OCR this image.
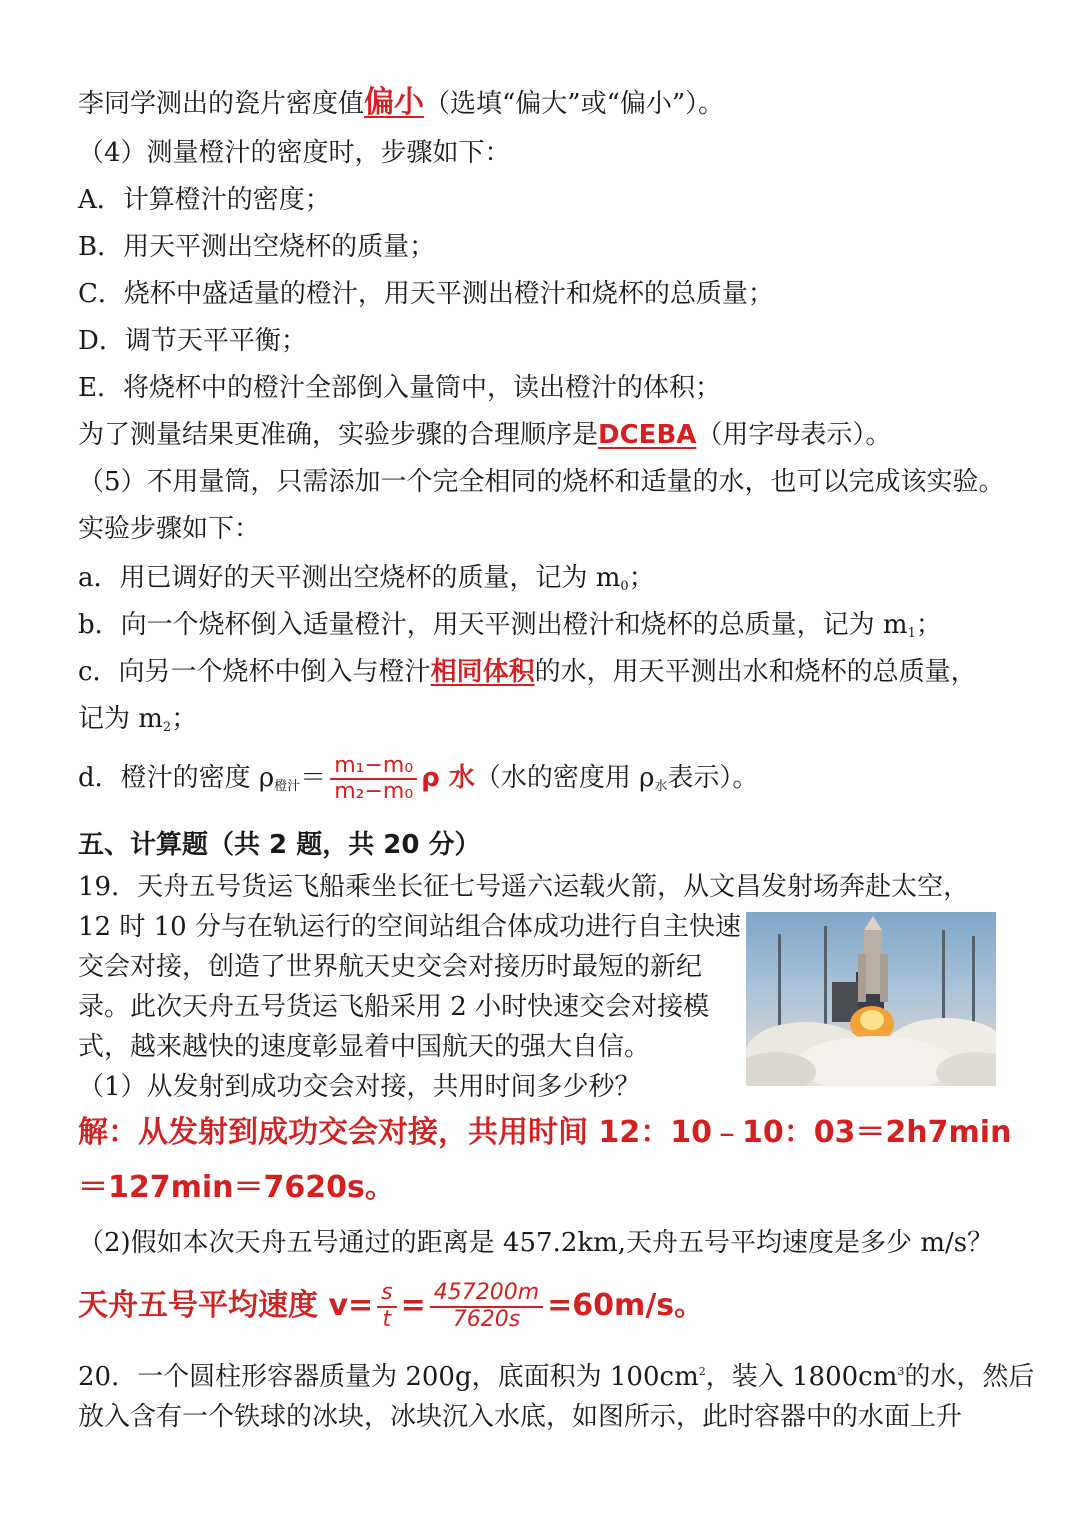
李同学测出的瓷片密度值偏小（选填“偏大”或“偏小”）。
（4）测量橙汁的密度时，步骤如下：
A．计算橙汁的密度；
B．用天平测出空烧杯的质量；
C．烧杯中盛适量的橙汁，用天平测出橙汁和烧杯的总质量；
D．调节天平平衡；
E．将烧杯中的橙汁全部倒入量筒中，读出橙汁的体积；
为了测量结果更准确，实验步骤的合理顺序是DCEBA（用字母表示）。
（5）不用量筒，只需添加一个完全相同的烧杯和适量的水，也可以完成该实验。
实验步骤如下：
a．用已调好的天平测出空烧杯的质量，记为 $m_0$；
b．向一个烧杯倒入适量橙汁，用天平测出橙汁和烧杯的总质量，记为 $m_1$；
c．向另一个烧杯中倒入与橙汁相同体积的水，用天平测出水和烧杯的总质量，
记为 $m_2$；
d．橙汁的密度 $\rho_{橙汁}= \frac{\text{m₁−m₀}}{\text{m₂−m₀}}$ ρ 水（水的密度用 $\rho_水$表示）。
五、计算题（共 2 题，共 20 分）
19．天舟五号货运飞船乘坐长征七号遥六运载火箭，从文昌发射场奔赴太空，
12 时 10 分与在轨运行的空间站组合体成功进行自主快速
交会对接，创造了世界航天史交会对接历时最短的新纪
录。此次天舟五号货运飞船采用 2 小时快速交会对接模
式，越来越快的速度彰显着中国航天的强大自信。
（1）从发射到成功交会对接，共用时间多少秒？
解：从发射到成功交会对接，共用时间 12：10﹣10：03＝2h7min
＝127min＝7620s。
（2)假如本次天舟五号通过的距离是 457.2km,天舟五号平均速度是多少 m/s？
天舟五号平均速度 $v= \frac{s}{t} = \frac{457200m}{7620s} =60m/s$。
20．一个圆柱形容器质量为 200g，底面积为 $100cm^2$，装入 $1800cm^3$的水，然后
放入含有一个铁球的冰块，冰块沉入水底，如图所示，此时容器中的水面上升
